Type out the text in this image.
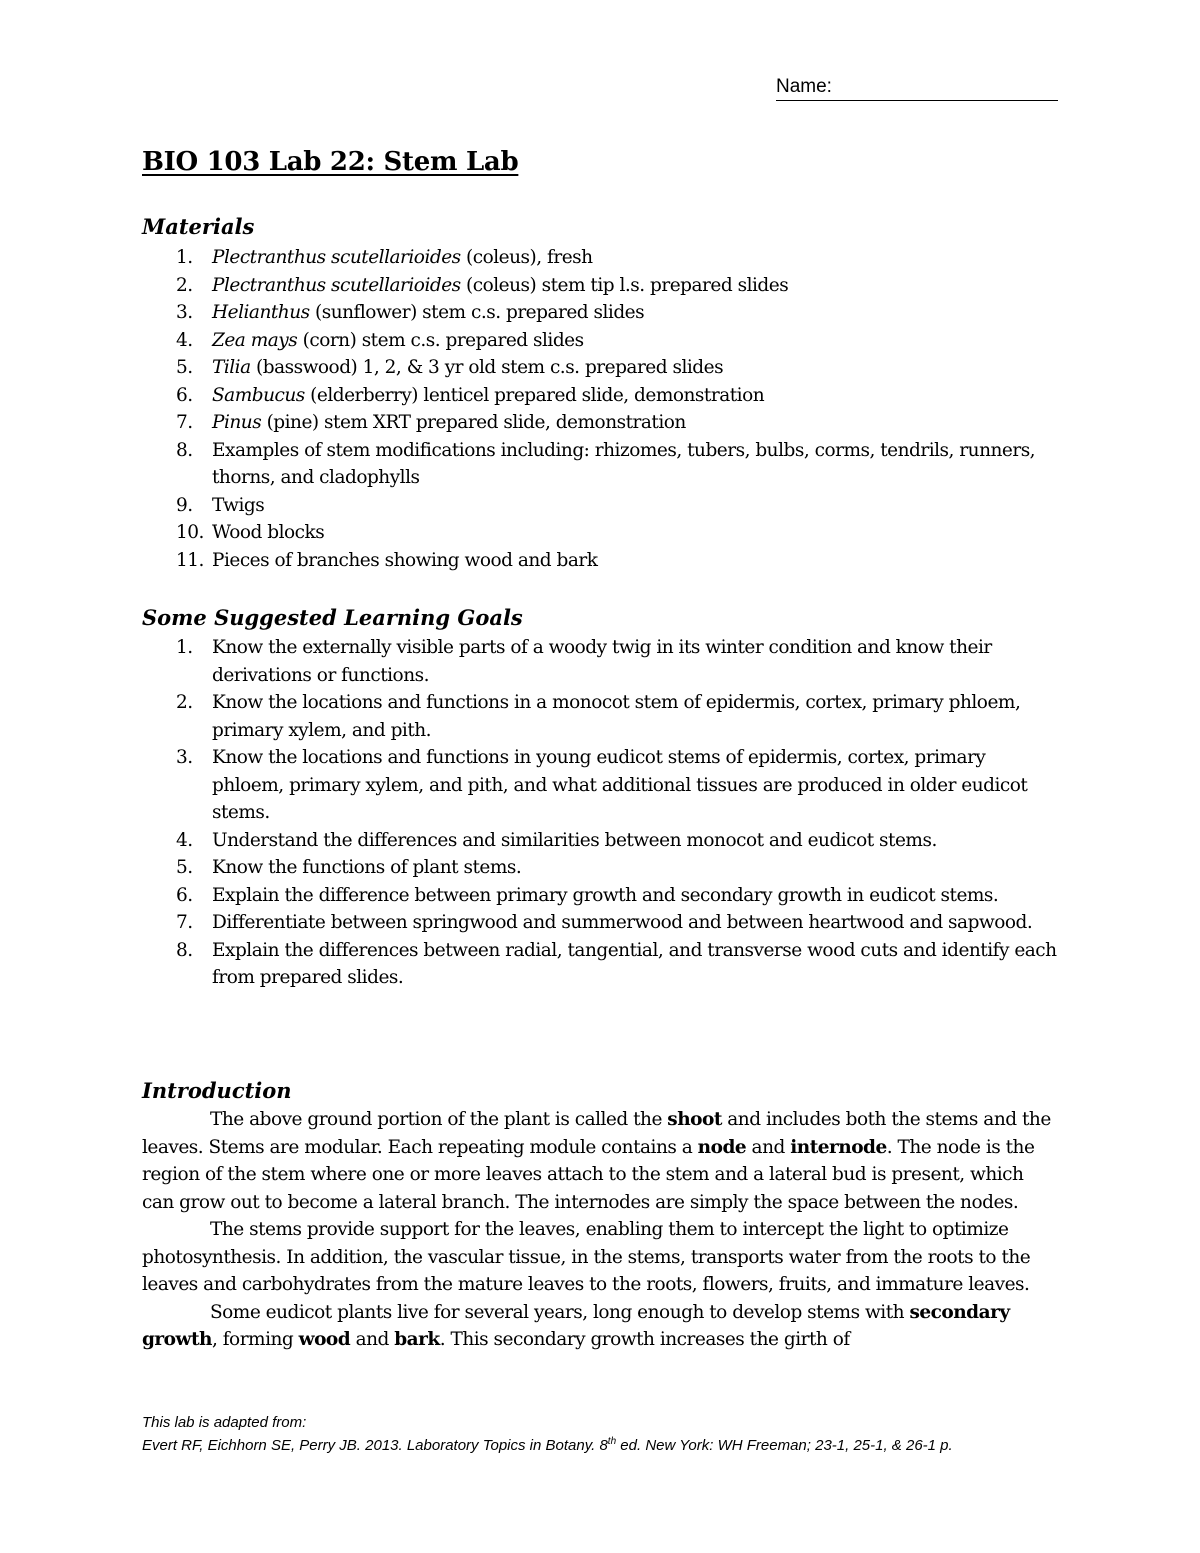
Name:
BIO 103 Lab 22: Stem Lab
Materials
1.	Plectranthus scutellarioides (coleus), fresh
2.	Plectranthus scutellarioides (coleus) stem tip l.s. prepared slides
3.	Helianthus (sunflower) stem c.s. prepared slides
4.	Zea mays (corn) stem c.s. prepared slides
5.	Tilia (basswood) 1, 2, & 3 yr old stem c.s. prepared slides
6.	Sambucus (elderberry) lenticel prepared slide, demonstration
7.	Pinus (pine) stem XRT prepared slide, demonstration
8.	Examples of stem modifications including: rhizomes, tubers, bulbs, corms, tendrils, runners, thorns, and cladophylls
9.	Twigs
10. Wood blocks
11. Pieces of branches showing wood and bark
Some Suggested Learning Goals
1.	Know the externally visible parts of a woody twig in its winter condition and know their derivations or functions.
2.	Know the locations and functions in a monocot stem of epidermis, cortex, primary phloem, primary xylem, and pith.
3.	Know the locations and functions in young eudicot stems of epidermis, cortex, primary phloem, primary xylem, and pith, and what additional tissues are produced in older eudicot stems.
4.	Understand the differences and similarities between monocot and eudicot stems.
5.	Know the functions of plant stems.
6.	Explain the difference between primary growth and secondary growth in eudicot stems.
7.	Differentiate between springwood and summerwood and between heartwood and sapwood.
8.	Explain the differences between radial, tangential, and transverse wood cuts and identify each from prepared slides.
Introduction

The above ground portion of the plant is called the shoot and includes both the stems and the leaves. Stems are modular. Each repeating module contains a node and internode. The node is the region of the stem where one or more leaves attach to the stem and a lateral bud is present, which can grow out to become a lateral branch. The internodes are simply the space between the nodes.

The stems provide support for the leaves, enabling them to intercept the light to optimize photosynthesis. In addition, the vascular tissue, in the stems, transports water from the roots to the leaves and carbohydrates from the mature leaves to the roots, flowers, fruits, and immature leaves.

Some eudicot plants live for several years, long enough to develop stems with secondary growth, forming wood and bark. This secondary growth increases the girth of

This lab is adapted from:
Evert RF, Eichhorn SE, Perry JB. 2013. Laboratory Topics in Botany. 8th ed. New York: WH Freeman; 23-1, 25-1, & 26-1 p.
